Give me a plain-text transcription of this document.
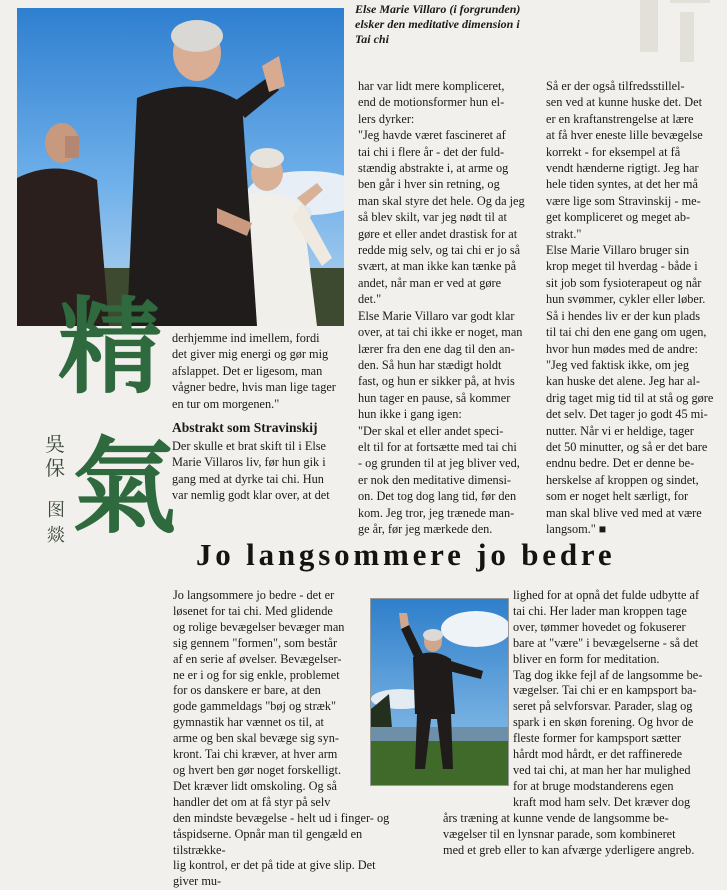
Else Marie Villaro (i forgrunden)
elsker den meditative dimension i
Tai chi

精
氣
吳保
图
燚

derhjemme ind imellem, fordi
det giver mig energi og gør mig
afslappet. Det er ligesom, man
vågner bedre, hvis man lige tager
en tur om morgenen."

Abstrakt som Stravinskij

Der skulle et brat skift til i Else
Marie Villaros liv, før hun gik i
gang med at dyrke tai chi. Hun
var nemlig godt klar over, at det

har var lidt mere kompliceret,
end de motionsformer hun el-
lers dyrker:
"Jeg havde været fascineret af
tai chi i flere år - det der fuld-
stændig abstrakte i, at arme og
ben går i hver sin retning, og
man skal styre det hele. Og da jeg
så blev skilt, var jeg nødt til at
gøre et eller andet drastisk for at
redde mig selv, og tai chi er jo så
svært, at man ikke kan tænke på
andet, når man er ved at gøre
det."
Else Marie Villaro var godt klar
over, at tai chi ikke er noget, man
lærer fra den ene dag til den an-
den. Så hun har stædigt holdt
fast, og hun er sikker på, at hvis
hun tager en pause, så kommer
hun ikke i gang igen:
"Der skal et eller andet speci-
elt til for at fortsætte med tai chi
- og grunden til at jeg bliver ved,
er nok den meditative dimensi-
on. Det tog dog lang tid, før den
kom. Jeg tror, jeg trænede man-
ge år, før jeg mærkede den.

Så er der også tilfredsstillel-
sen ved at kunne huske det. Det
er en kraftanstrengelse at lære
at få hver eneste lille bevægelse
korrekt - for eksempel at få
vendt hænderne rigtigt. Jeg har
hele tiden syntes, at det her må
være lige som Stravinskij - me-
get kompliceret og meget ab-
strakt."
Else Marie Villaro bruger sin
krop meget til hverdag - både i
sit job som fysioterapeut og når
hun svømmer, cykler eller løber.
Så i hendes liv er der kun plads
til tai chi den ene gang om ugen,
hvor hun mødes med de andre:
"Jeg ved faktisk ikke, om jeg
kan huske det alene. Jeg har al-
drig taget mig tid til at stå og gøre
det selv. Det tager jo godt 45 mi-
nutter. Når vi er heldige, tager
det 50 minutter, og så er det bare
endnu bedre. Det er denne be-
herskelse af kroppen og sindet,
som er noget helt særligt, for
man skal blive ved med at være
langsom." ■

Jo langsommere jo bedre

Jo langsommere jo bedre - det er
løsenet for tai chi. Med glidende
og rolige bevægelser bevæger man
sig gennem "formen", som består
af en serie af øvelser. Bevægelser-
ne er i og for sig enkle, problemet
for os danskere er bare, at den
gode gammeldags "bøj og stræk"
gymnastik har vænnet os til, at
arme og ben skal bevæge sig syn-
kront. Tai chi kræver, at hver arm
og hvert ben gør noget forskelligt.
Det kræver lidt omskoling. Og så
handler det om at få styr på selv
den mindste bevægelse - helt ud i finger- og
tåspidserne. Opnår man til gengæld en tilstrække-
lig kontrol, er det på tide at give slip. Det giver mu-

lighed for at opnå det fulde udbytte af
tai chi. Her lader man kroppen tage
over, tømmer hovedet og fokuserer
bare at "være" i bevægelserne - så det
bliver en form for meditation.
Tag dog ikke fejl af de langsomme be-
vægelser. Tai chi er en kampsport ba-
seret på selvforsvar. Parader, slag og
spark i en skøn forening. Og hvor de
fleste former for kampsport sætter
hårdt mod hårdt, er det raffinerede
ved tai chi, at man her har mulighed
for at bruge modstanderens egen
kraft mod ham selv. Det kræver dog
års træning at kunne vende de langsomme be-
vægelser til en lynsnar parade, som kombineret
med et greb eller to kan afværge yderligere angreb.
